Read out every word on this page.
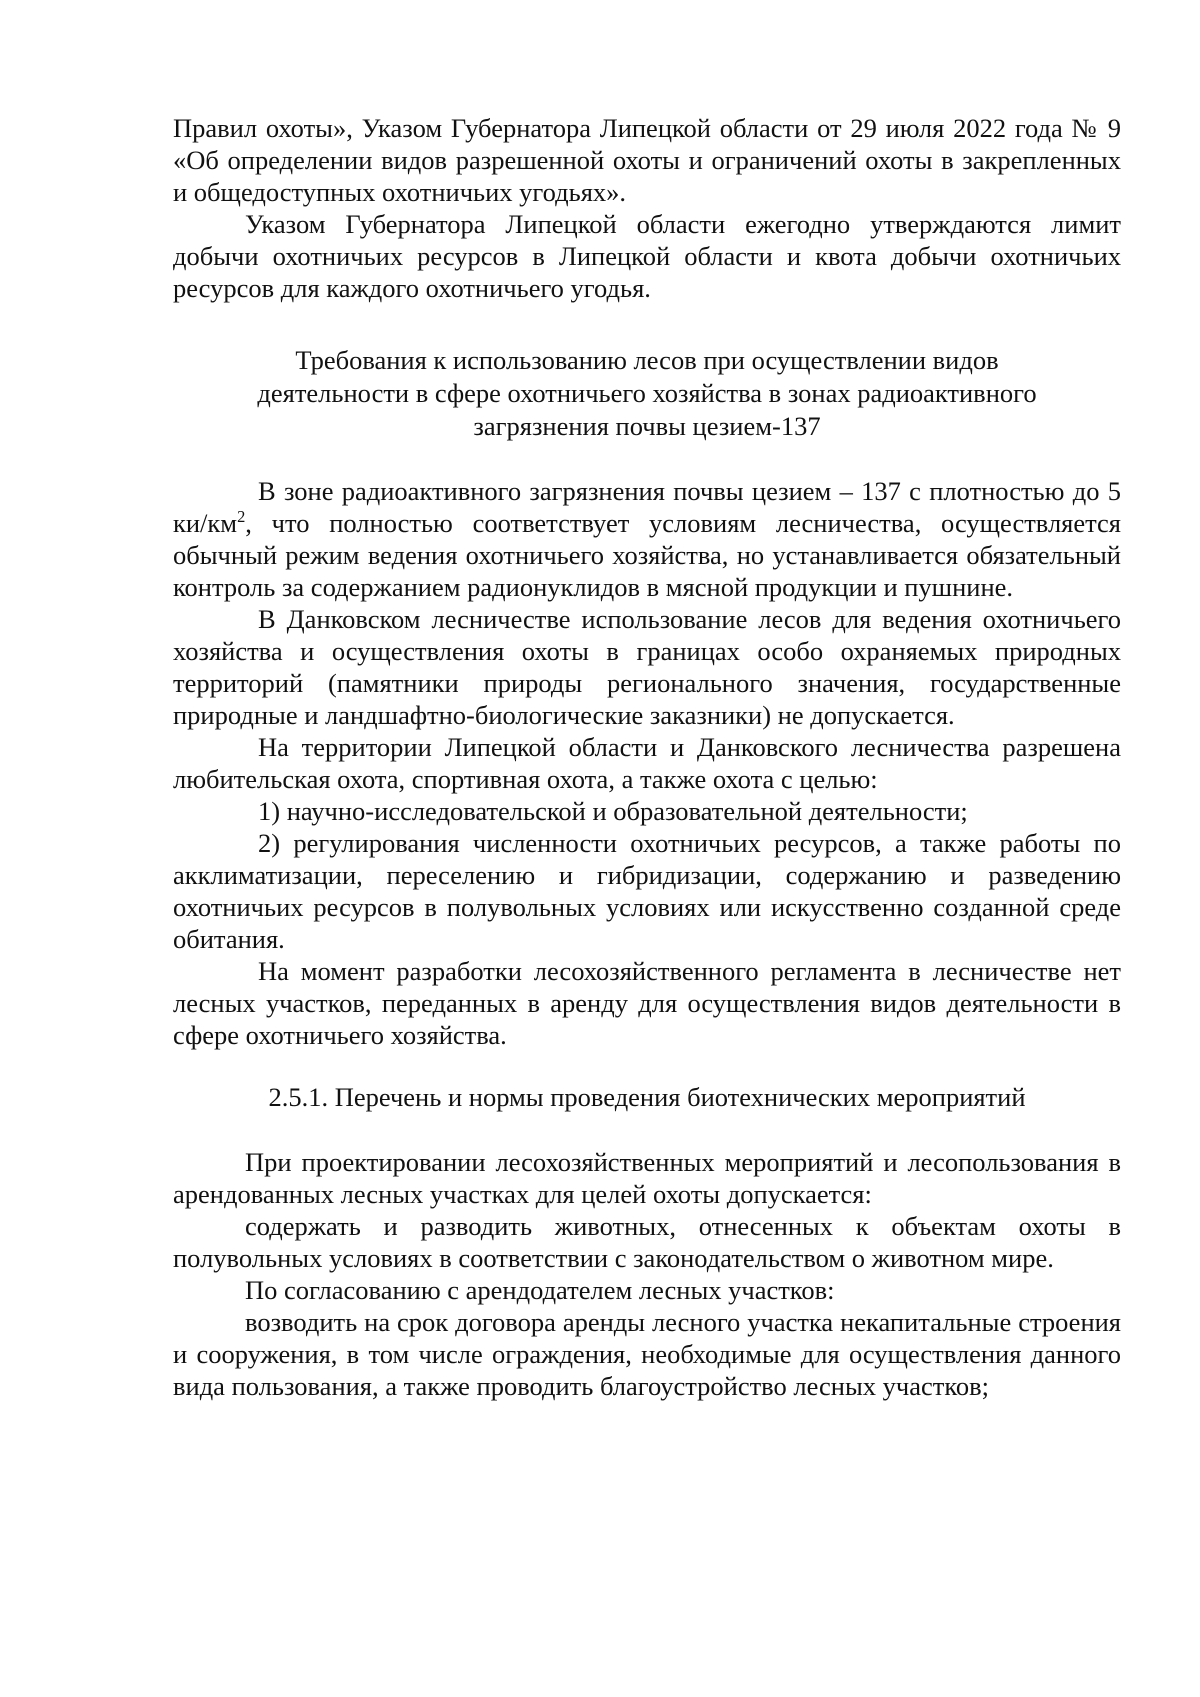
Правил охоты», Указом Губернатора Липецкой области от 29 июля 2022 года № 9 «Об определении видов разрешенной охоты и ограничений охоты в закрепленных и общедоступных охотничьих угодьях».

Указом Губернатора Липецкой области ежегодно утверждаются лимит добычи охотничьих ресурсов в Липецкой области и квота добычи охотничьих ресурсов для каждого охотничьего угодья.

Требования к использованию лесов при осуществлении видов

деятельности в сфере охотничьего хозяйства в зонах радиоактивного

загрязнения почвы цезием-137

В зоне радиоактивного загрязнения почвы цезием – 137 с плотностью до 5 $ки/км^2$, что полностью соответствует условиям лесничества, осуществляется обычный режим ведения охотничьего хозяйства, но устанавливается обязательный контроль за содержанием радионуклидов в мясной продукции и пушнине.

В Данковском лесничестве использование лесов для ведения охотничьего хозяйства и осуществления охоты в границах особо охраняемых природных территорий (памятники природы регионального значения, государственные природные и ландшафтно-биологические заказники) не допускается.

На территории Липецкой области и Данковского лесничества разрешена любительская охота, спортивная охота, а также охота с целью:

1) научно-исследовательской и образовательной деятельности;

2) регулирования численности охотничьих ресурсов, а также работы по акклиматизации, переселению и гибридизации, содержанию и разведению охотничьих ресурсов в полувольных условиях или искусственно созданной среде обитания.

На момент разработки лесохозяйственного регламента в лесничестве нет лесных участков, переданных в аренду для осуществления видов деятельности в сфере охотничьего хозяйства.

2.5.1. Перечень и нормы проведения биотехнических мероприятий

При проектировании лесохозяйственных мероприятий и лесопользования в арендованных лесных участках для целей охоты допускается:

содержать и разводить животных, отнесенных к объектам охоты в полувольных условиях в соответствии с законодательством о животном мире.

По согласованию с арендодателем лесных участков:

возводить на срок договора аренды лесного участка некапитальные строения и сооружения, в том числе ограждения, необходимые для осуществления данного вида пользования, а также проводить благоустройство лесных участков;
